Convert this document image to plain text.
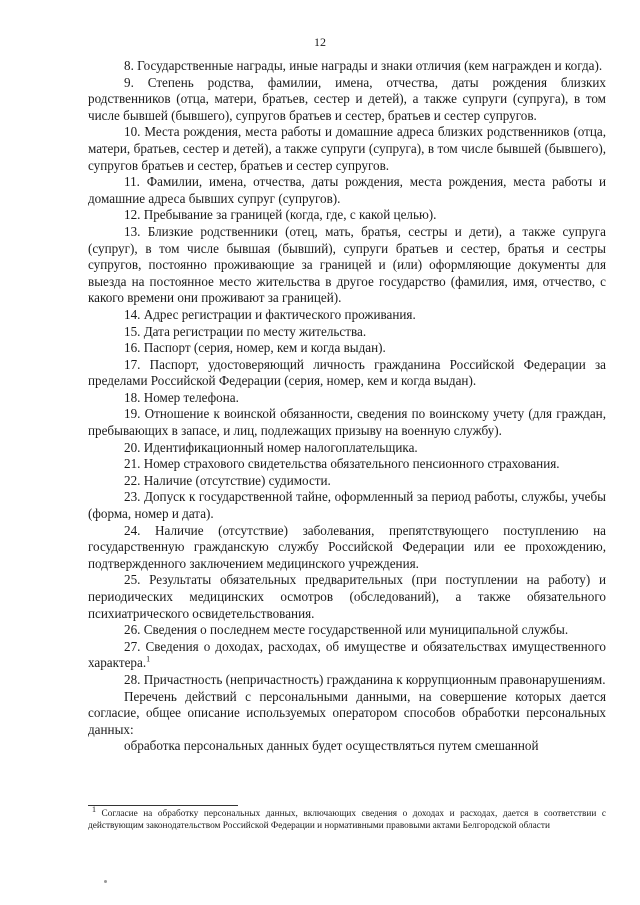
12

8. Государственные награды, иные награды и знаки отличия (кем награжден и когда).

9. Степень родства, фамилии, имена, отчества, даты рождения близких родственников (отца, матери, братьев, сестер и детей), а также супруги (супруга), в том числе бывшей (бывшего), супругов братьев и сестер, братьев и сестер супругов.

10. Места рождения, места работы и домашние адреса близких родственников (отца, матери, братьев, сестер и детей), а также супруги (супруга), в том числе бывшей (бывшего), супругов братьев и сестер, братьев и сестер супругов.

11. Фамилии, имена, отчества, даты рождения, места рождения, места работы и домашние адреса бывших супруг (супругов).

12. Пребывание за границей (когда, где, с какой целью).

13. Близкие родственники (отец, мать, братья, сестры и дети), а также супруга (супруг), в том числе бывшая (бывший), супруги братьев и сестер, братья и сестры супругов, постоянно проживающие за границей и (или) оформляющие документы для выезда на постоянное место жительства в другое государство (фамилия, имя, отчество, с какого времени они проживают за границей).

14. Адрес регистрации и фактического проживания.

15. Дата регистрации по месту жительства.

16. Паспорт (серия, номер, кем и когда выдан).

17. Паспорт, удостоверяющий личность гражданина Российской Федерации за пределами Российской Федерации (серия, номер, кем и когда выдан).

18. Номер телефона.

19. Отношение к воинской обязанности, сведения по воинскому учету (для граждан, пребывающих в запасе, и лиц, подлежащих призыву на военную службу).

20. Идентификационный номер налогоплательщика.

21. Номер страхового свидетельства обязательного пенсионного страхования.

22. Наличие (отсутствие) судимости.

23. Допуск к государственной тайне, оформленный за период работы, службы, учебы (форма, номер и дата).

24. Наличие (отсутствие) заболевания, препятствующего поступлению на государственную гражданскую службу Российской Федерации или ее прохождению, подтвержденного заключением медицинского учреждения.

25. Результаты обязательных предварительных (при поступлении на работу) и периодических медицинских осмотров (обследований), а также обязательного психиатрического освидетельствования.

26. Сведения о последнем месте государственной или муниципальной службы.

27. Сведения о доходах, расходах, об имуществе и обязательствах имущественного характера.$^1$

28. Причастность (непричастность) гражданина к коррупционным правонарушениям.

Перечень действий с персональными данными, на совершение которых дается согласие, общее описание используемых оператором способов обработки персональных данных:

обработка персональных данных будет осуществляться путем смешанной

$^1$ Согласие на обработку персональных данных, включающих сведения о доходах и расходах, дается в соответствии с действующим законодательством Российской Федерации и нормативными правовыми актами Белгородской области
